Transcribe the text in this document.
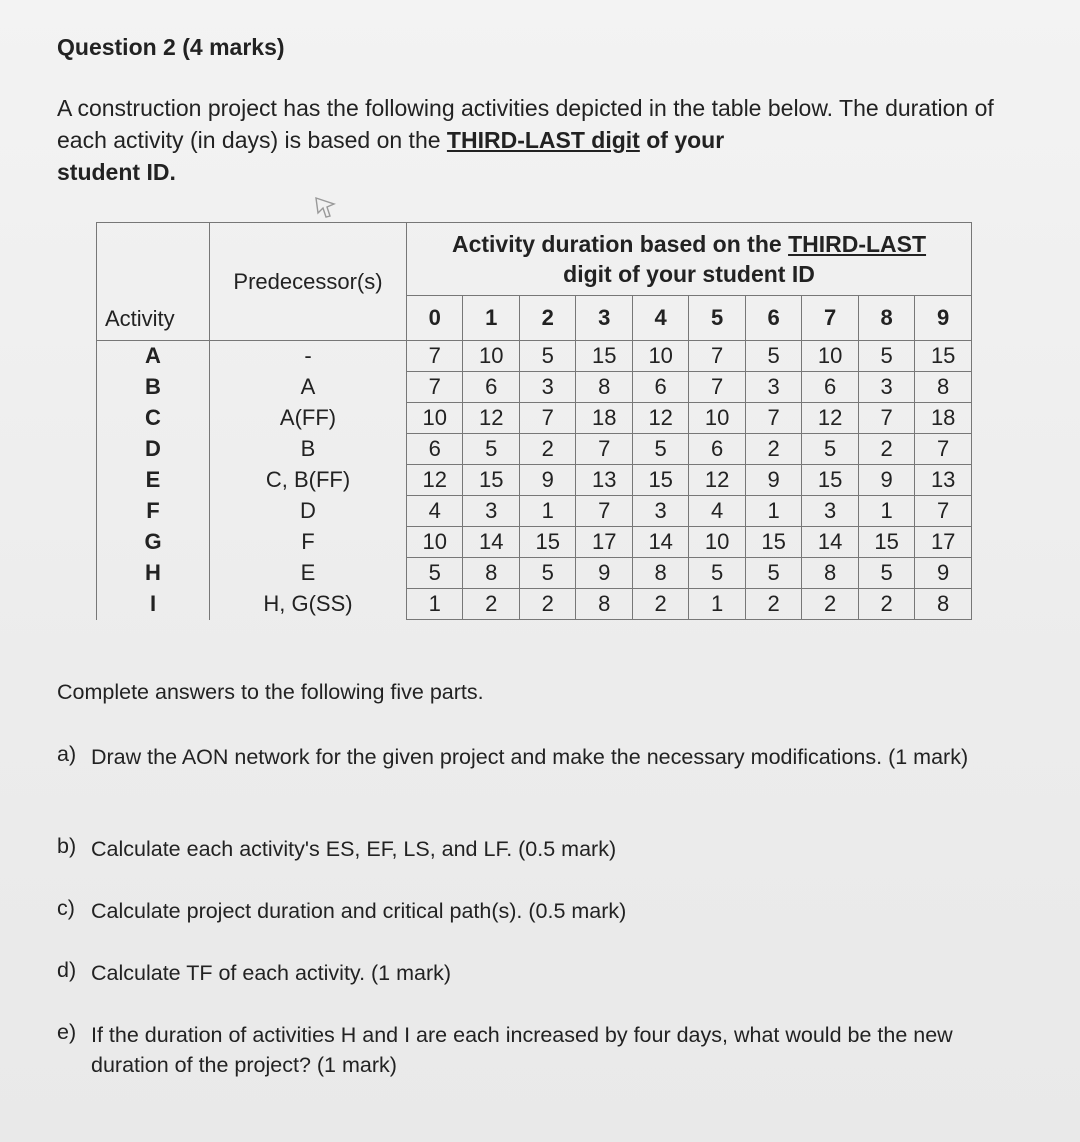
Question 2 (4 marks)
A construction project has the following activities depicted in the table below. The duration of each activity (in days) is based on the THIRD-LAST digit of your
student ID.
Activity	Predecessor(s)	Activity duration based on the THIRD-LAST
digit of your student ID									
		0	1	2	3	4	5	6	7	8	9
A	-	7	10	5	15	10	7	5	10	5	15
B	A	7	6	3	8	6	7	3	6	3	8
C	A(FF)	10	12	7	18	12	10	7	12	7	18
D	B	6	5	2	7	5	6	2	5	2	7
E	C, B(FF)	12	15	9	13	15	12	9	15	9	13
F	D	4	3	1	7	3	4	1	3	1	7
G	F	10	14	15	17	14	10	15	14	15	17
H	E	5	8	5	9	8	5	5	8	5	9
I	H, G(SS)	1	2	2	8	2	1	2	2	2	8
Complete answers to the following five parts.
a) Draw the AON network for the given project and make the necessary modifications. (1 mark)
b) Calculate each activity's ES, EF, LS, and LF. (0.5 mark)
c) Calculate project duration and critical path(s). (0.5 mark)
d) Calculate TF of each activity. (1 mark)
e) If the duration of activities H and I are each increased by four days, what would be the new duration of the project? (1 mark)
